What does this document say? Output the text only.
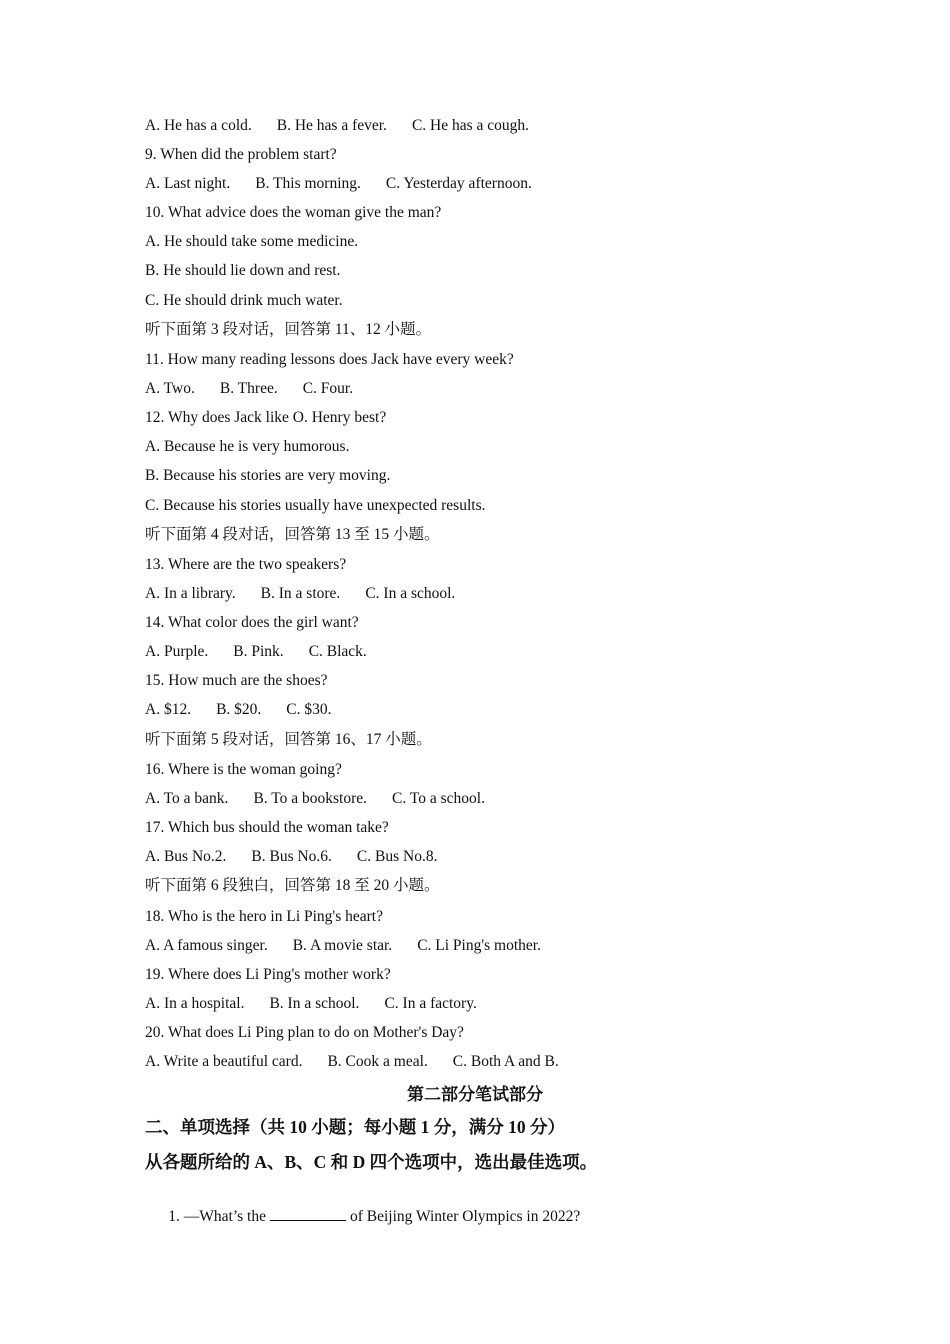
A. He has a cold. B. He has a fever. C. He has a cough.
9. When did the problem start?
A. Last night. B. This morning. C. Yesterday afternoon.
10. What advice does the woman give the man?
A. He should take some medicine.
B. He should lie down and rest.
C. He should drink much water.
听下面第 3 段对话，回答第 11、12 小题。
11. How many reading lessons does Jack have every week?
A. Two. B. Three. C. Four.
12. Why does Jack like O. Henry best?
A. Because he is very humorous.
B. Because his stories are very moving.
C. Because his stories usually have unexpected results.
听下面第 4 段对话，回答第 13 至 15 小题。
13. Where are the two speakers?
A. In a library. B. In a store. C. In a school.
14. What color does the girl want?
A. Purple. B. Pink. C. Black.
15. How much are the shoes?
A. $12. B. $20. C. $30.
听下面第 5 段对话，回答第 16、17 小题。
16. Where is the woman going?
A. To a bank. B. To a bookstore. C. To a school.
17. Which bus should the woman take?
A. Bus No.2. B. Bus No.6. C. Bus No.8.
听下面第 6 段独白，回答第 18 至 20 小题。
18. Who is the hero in Li Ping's heart?
A. A famous singer. B. A movie star. C. Li Ping's mother.
19. Where does Li Ping's mother work?
A. In a hospital. B. In a school. C. In a factory.
20. What does Li Ping plan to do on Mother's Day?
A. Write a beautiful card. B. Cook a meal. C. Both A and B.
第二部分笔试部分
二、单项选择（共 10 小题；每小题 1 分，满分 10 分）
从各题所给的 A、B、C 和 D 四个选项中，选出最佳选项。

1. —What’s the	of Beijing Winter Olympics in 2022?
